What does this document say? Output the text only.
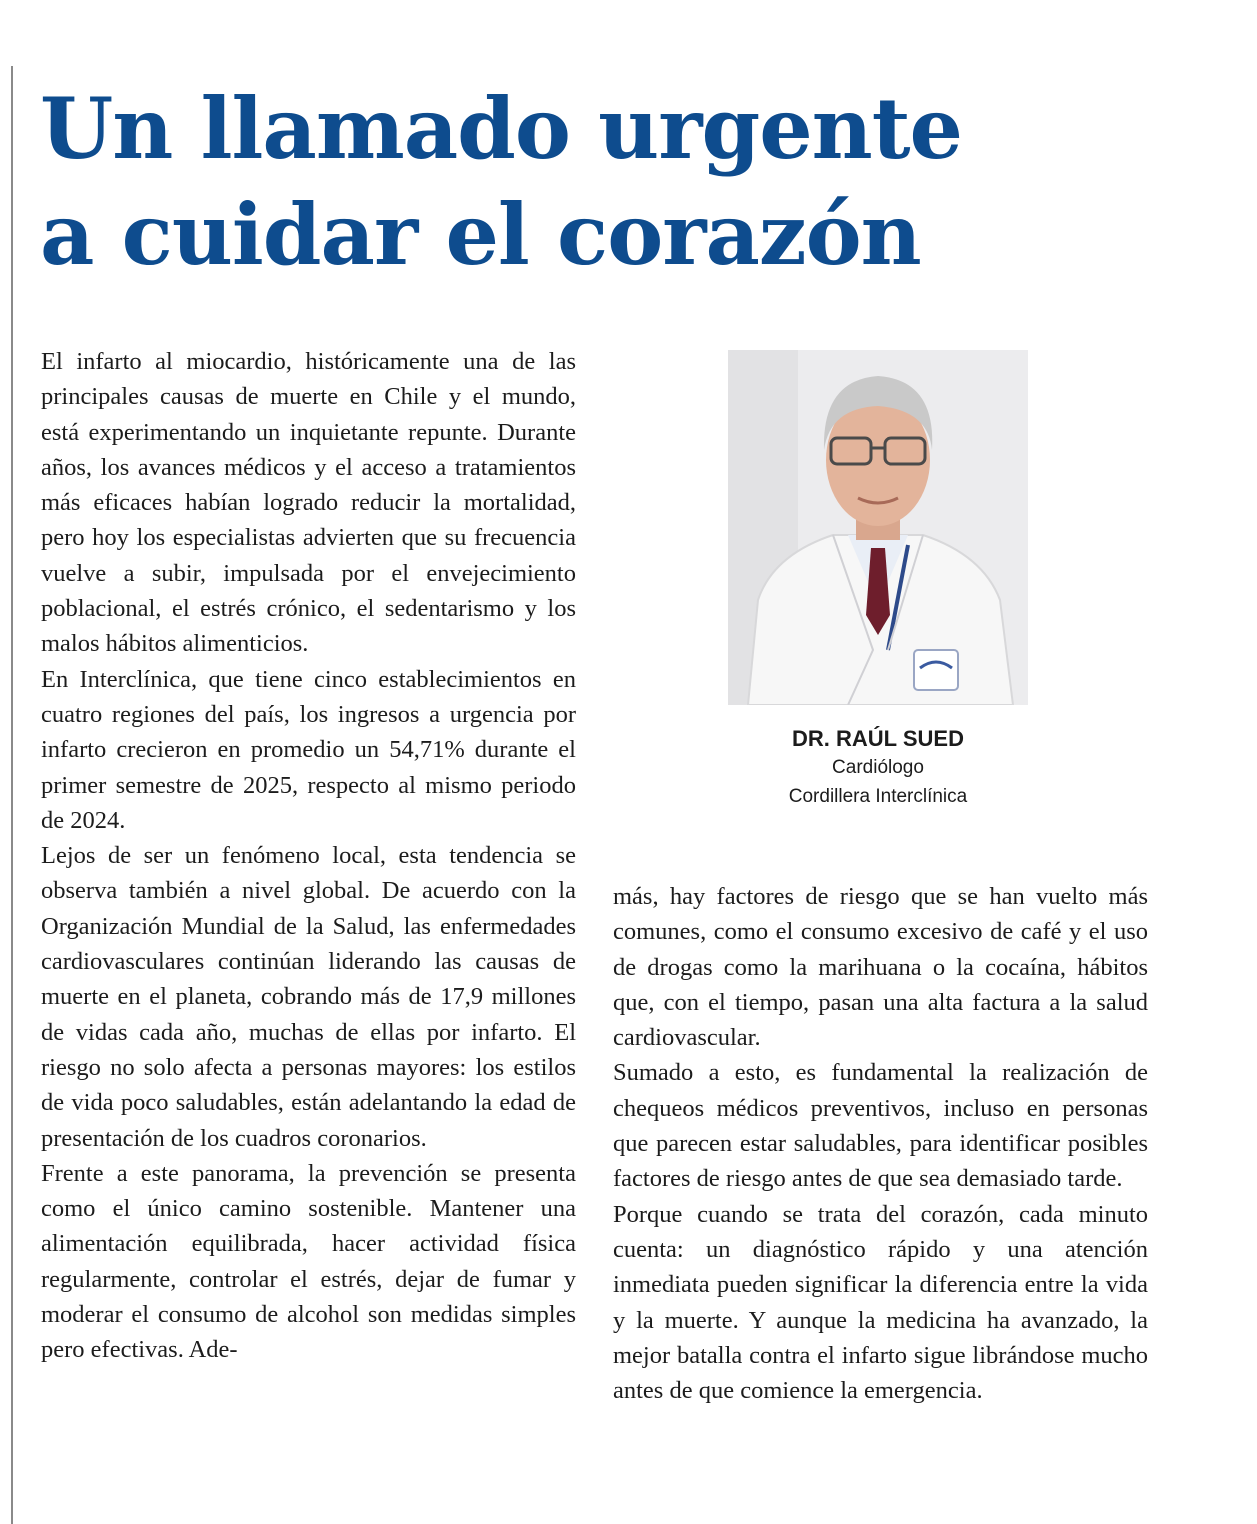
Un llamado urgente
a cuidar el corazón

El infarto al miocardio, históricamente una de las principales causas de muerte en Chile y el mundo, está experimentando un inquietante repunte. Durante años, los avances médicos y el acceso a tratamientos más eficaces habían logrado reducir la mortalidad, pero hoy los especialistas advierten que su frecuencia vuelve a subir, impulsada por el envejecimiento poblacional, el estrés crónico, el sedentarismo y los malos hábitos alimenticios.

En Interclínica, que tiene cinco establecimientos en cuatro regiones del país, los ingresos a urgencia por infarto crecieron en promedio un 54,71% durante el primer semestre de 2025, respecto al mismo periodo de 2024.

Lejos de ser un fenómeno local, esta tendencia se observa también a nivel global. De acuerdo con la Organización Mundial de la Salud, las enfermedades cardiovasculares continúan liderando las causas de muerte en el planeta, cobrando más de 17,9 millones de vidas cada año, muchas de ellas por infarto. El riesgo no solo afecta a personas mayores: los estilos de vida poco saludables, están adelantando la edad de presentación de los cuadros coronarios.

Frente a este panorama, la prevención se presenta como el único camino sostenible. Mantener una alimentación equilibrada, hacer actividad física regularmente, controlar el estrés, dejar de fumar y moderar el consumo de alcohol son medidas simples pero efectivas. Ade-

DR. RAÚL SUED
Cardiólogo
Cordillera Interclínica

más, hay factores de riesgo que se han vuelto más comunes, como el consumo excesivo de café y el uso de drogas como la marihuana o la cocaína, hábitos que, con el tiempo, pasan una alta factura a la salud cardiovascular.

Sumado a esto, es fundamental la realización de chequeos médicos preventivos, incluso en personas que parecen estar saludables, para identificar posibles factores de riesgo antes de que sea demasiado tarde.

Porque cuando se trata del corazón, cada minuto cuenta: un diagnóstico rápido y una atención inmediata pueden significar la diferencia entre la vida y la muerte. Y aunque la medicina ha avanzado, la mejor batalla contra el infarto sigue librándose mucho antes de que comience la emergencia.
